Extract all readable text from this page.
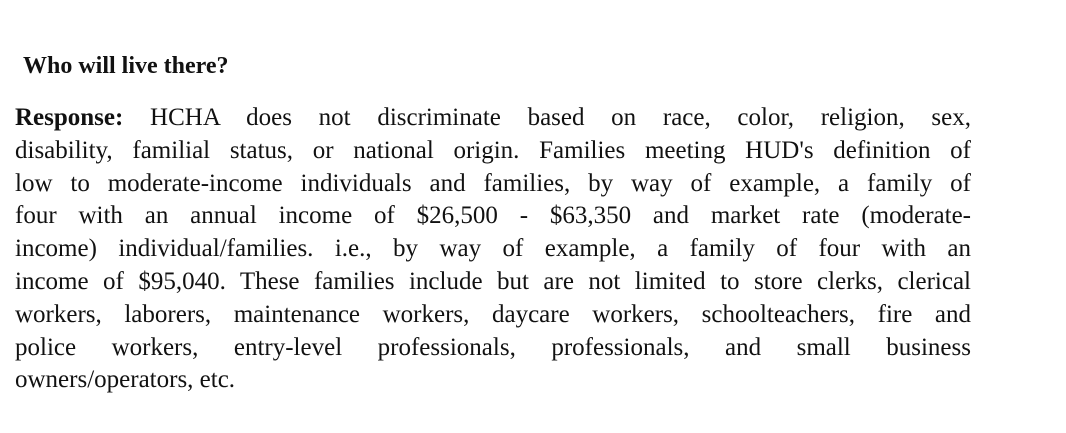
Who will live there?
Response: HCHA does not discriminate based on race, color, religion, sex,
disability, familial status, or national origin. Families meeting HUD's definition of
low to moderate-income individuals and families, by way of example, a family of
four with an annual income of $26,500 - $63,350 and market rate (moderate-
income) individual/families. i.e., by way of example, a family of four with an
income of $95,040. These families include but are not limited to store clerks, clerical
workers, laborers, maintenance workers, daycare workers, schoolteachers, fire and
police workers, entry-level professionals, professionals, and small business
owners/operators, etc.
